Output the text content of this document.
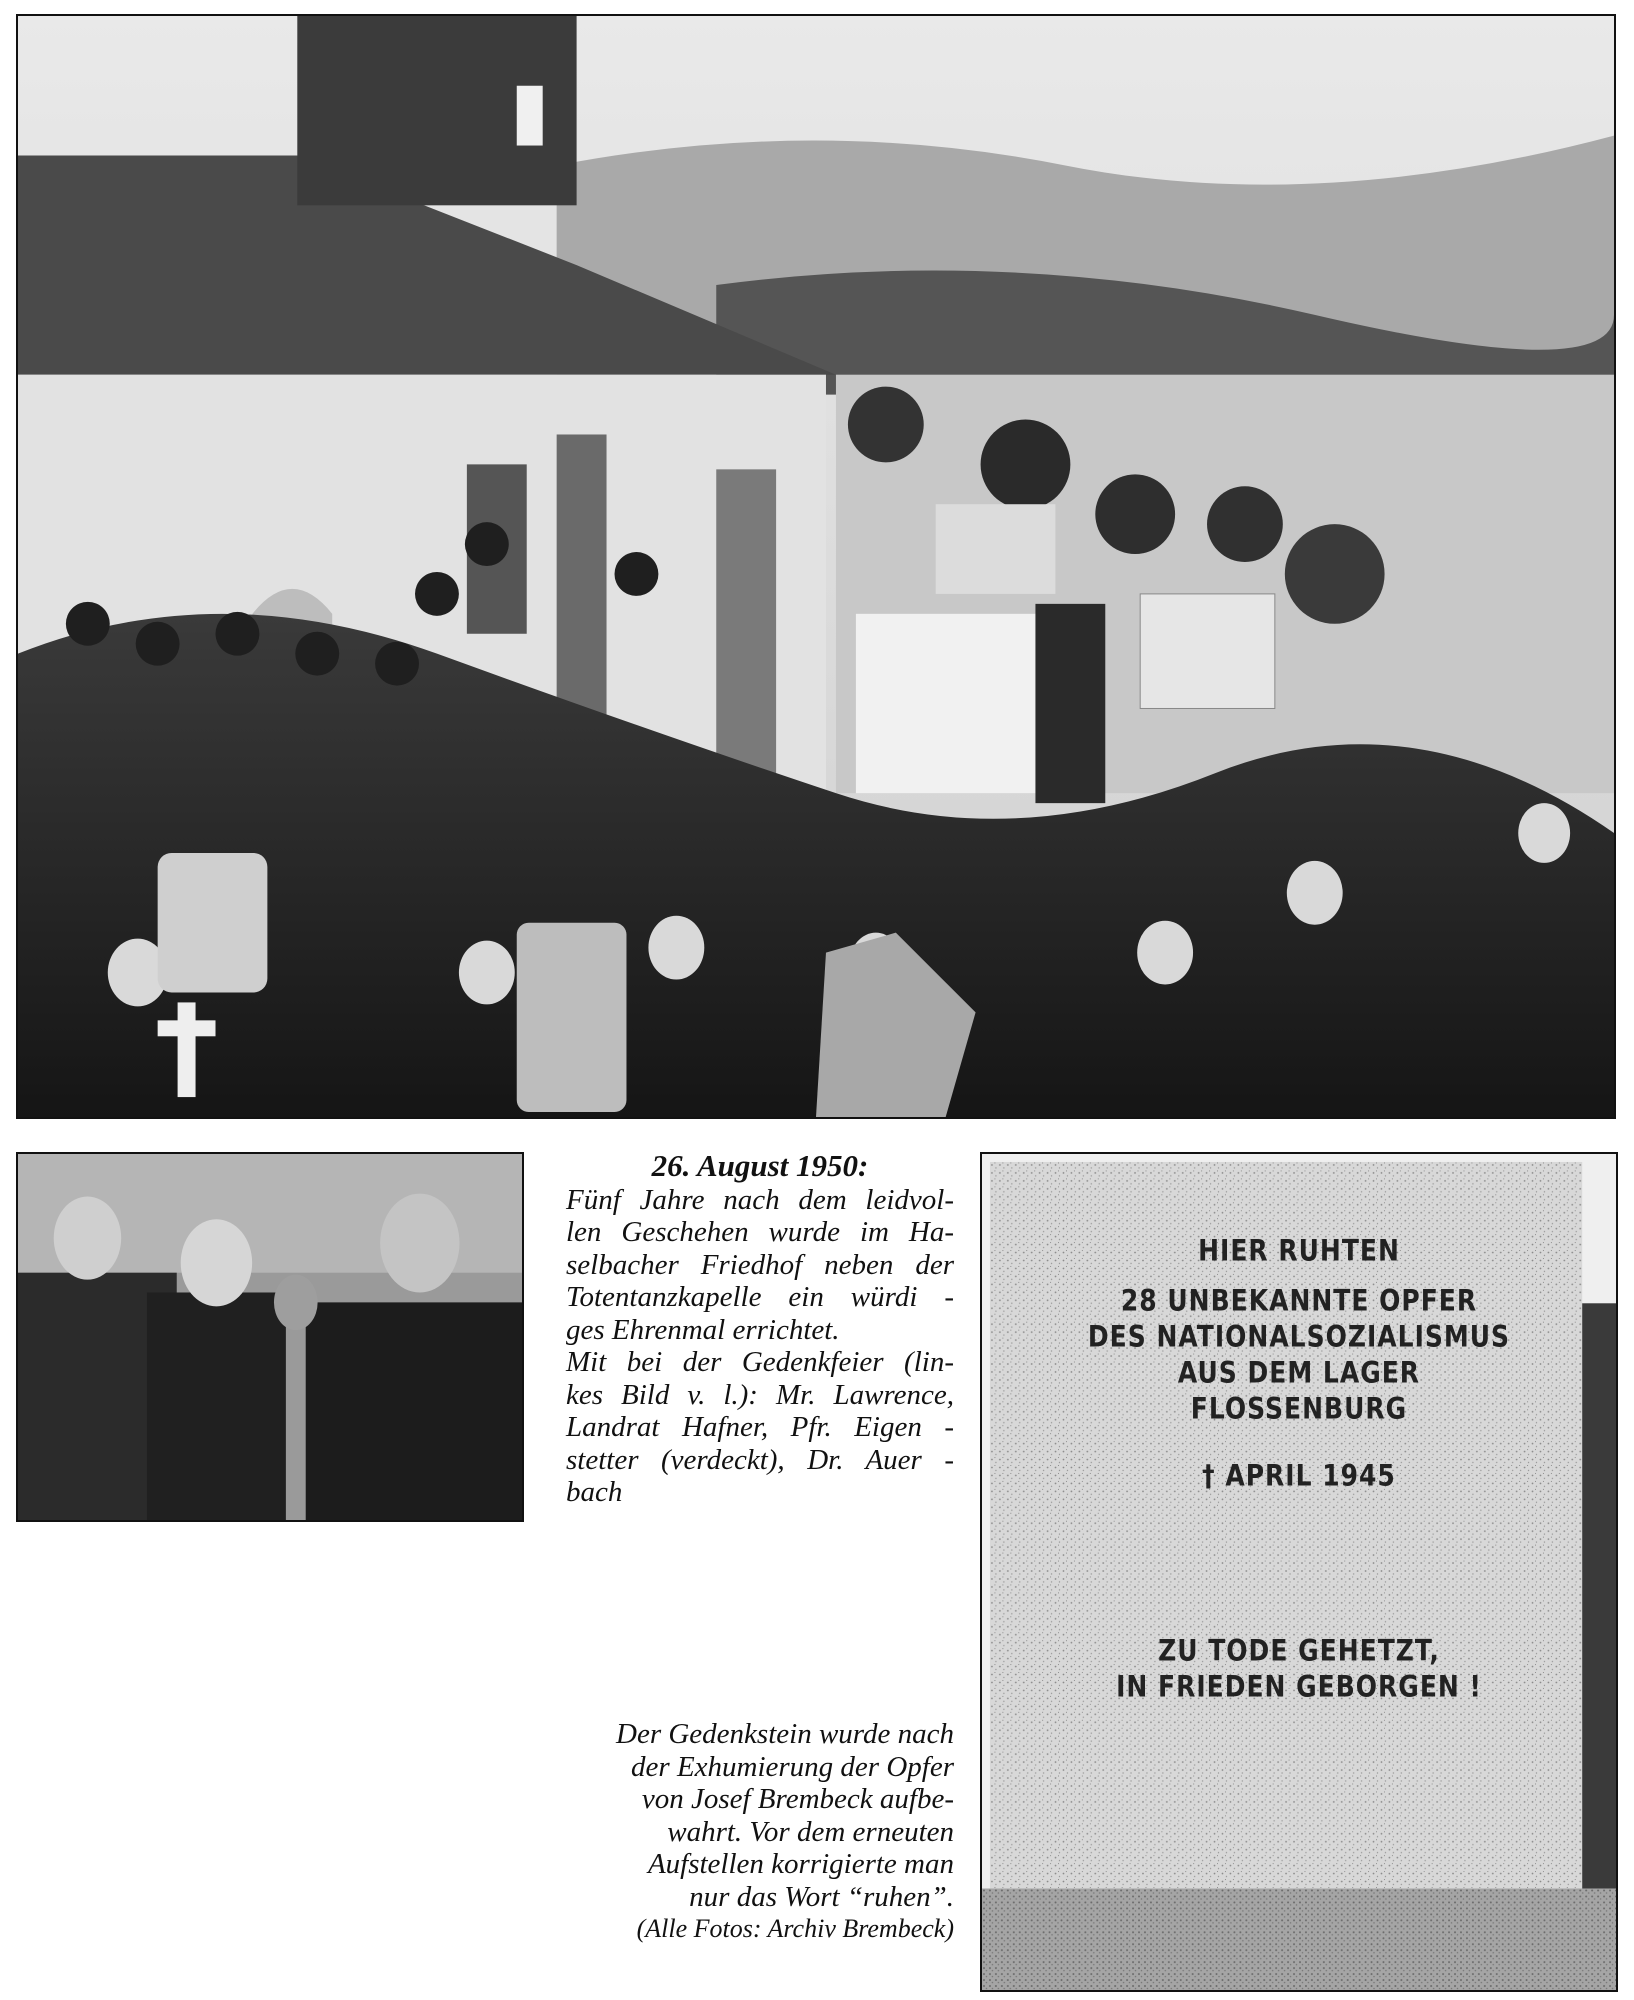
HIER RUHTEN
28 UNBEKANNTE OPFER
DES NATIONALSOZIALISMUS
AUS DEM LAGER
FLOSSENBURG
† APRIL 1945
ZU TODE GEHETZT,
IN FRIEDEN GEBORGEN !
26. August 1950:
Fünf Jahre nach dem leidvol-
len Geschehen wurde im Ha-
selbacher Friedhof neben der
Totentanzkapelle ein würdi -
ges Ehrenmal errichtet.
Mit bei der Gedenkfeier (lin-
kes Bild v. l.): Mr. Lawrence,
Landrat Hafner, Pfr. Eigen -
stetter (verdeckt), Dr. Auer -
bach
Der Gedenkstein wurde nach
der Exhumierung der Opfer
von Josef Brembeck aufbe-
wahrt. Vor dem erneuten
Aufstellen korrigierte man
nur das Wort “ruhen”.
(Alle Fotos: Archiv Brembeck)
